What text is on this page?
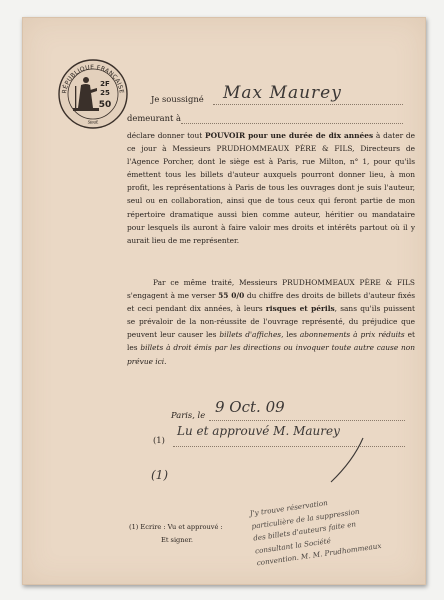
RÉPUBLIQUE FRANÇAISE
SERIE
2F
25
50
Je soussigné	Max Maurey
demeurant à
déclare donner tout POUVOIR pour une durée de dix années à dater de ce jour à Messieurs PRUDHOMMEAUX PÈRE & FILS, Directeurs de l'Agence Porcher, dont le siège est à Paris, rue Milton, n° 1, pour qu'ils émettent tous les billets d'auteur auxquels pourront donner lieu, à mon profit, les représentations à Paris de tous les ouvrages dont je suis l'auteur, seul ou en collaboration, ainsi que de tous ceux qui feront partie de mon répertoire dramatique aussi bien comme auteur, héritier ou mandataire pour lesquels ils auront à faire valoir mes droits et intérêts partout où il y aurait lieu de me représenter.
Par ce même traité, Messieurs PRUDHOMMEAUX PÈRE & FILS s'engagent à me verser 55 0/0 du chiffre des droits de billets d'auteur fixés et ceci pendant dix années, à leurs risques et périls, sans qu'ils puissent se prévaloir de la non-réussite de l'ouvrage représenté, du préjudice que peuvent leur causer les billets d'affiches, les abonnements à prix réduits et les billets à droit émis par les directions ou invoquer toute autre cause non prévue ici.
Paris, le 9 Oct. 09
(1)
Lu et approuvé M. Maurey
(1)
(1) Ecrire : Vu et approuvé :
Et signer.
J'y trouve réservation
particulière de la suppression
des billets d'auteurs faite en
consultant la Société
convention. M. M. Prudhommeaux
